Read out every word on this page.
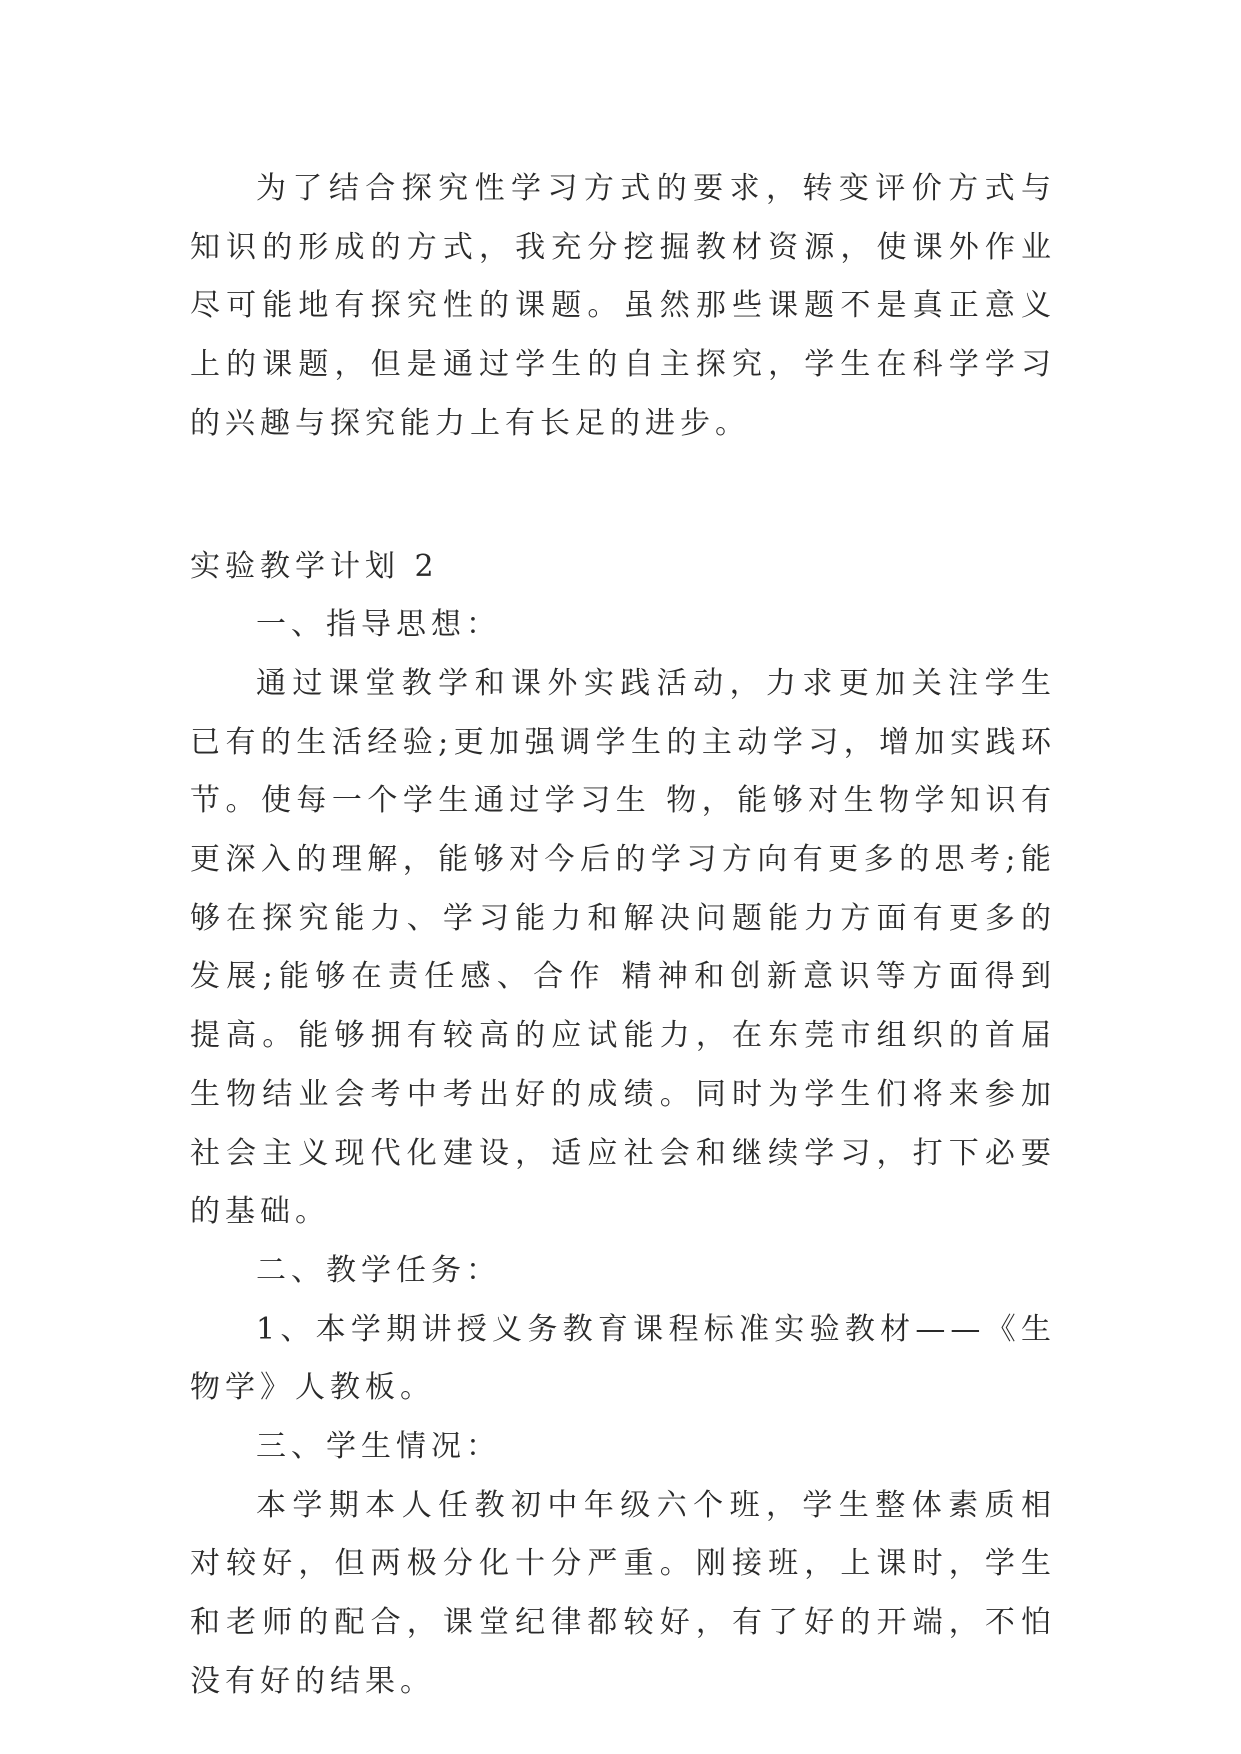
为了结合探究性学习方式的要求，转变评价方式与知识的形成的方式，我充分挖掘教材资源，使课外作业尽可能地有探究性的课题。虽然那些课题不是真正意义上的课题，但是通过学生的自主探究，学生在科学学习的兴趣与探究能力上有长足的进步。

实验教学计划 2

一、指导思想：

通过课堂教学和课外实践活动，力求更加关注学生已有的生活经验;更加强调学生的主动学习，增加实践环节。使每一个学生通过学习生 物，能够对生物学知识有更深入的理解，能够对今后的学习方向有更多的思考;能够在探究能力、学习能力和解决问题能力方面有更多的发展;能够在责任感、合作 精神和创新意识等方面得到提高。能够拥有较高的应试能力，在东莞市组织的首届生物结业会考中考出好的成绩。同时为学生们将来参加社会主义现代化建设，适应社会和继续学习，打下必要的基础。

二、教学任务：

1、本学期讲授义务教育课程标准实验教材——《生物学》人教板。

三、学生情况：

本学期本人任教初中年级六个班，学生整体素质相对较好，但两极分化十分严重。刚接班，上课时，学生和老师的配合，课堂纪律都较好，有了好的开端，不怕没有好的结果。
